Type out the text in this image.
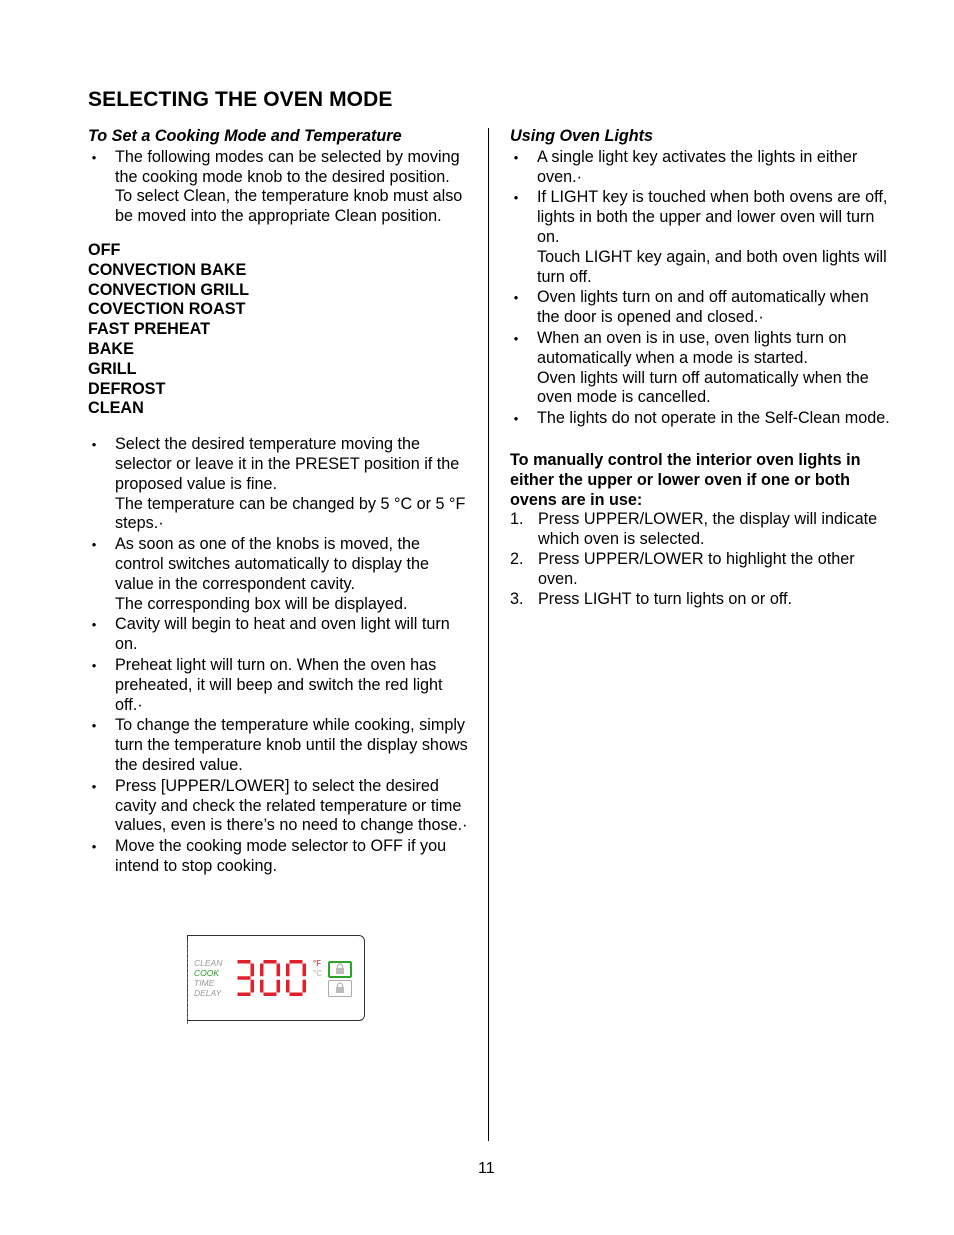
SELECTING THE OVEN MODE
To Set a Cooking Mode and Temperature
• The following modes can be selected by moving the cooking mode knob to the desired position. To select Clean, the temperature knob must also be moved into the appropriate Clean position.
OFF
CONVECTION BAKE
CONVECTION GRILL
COVECTION ROAST
FAST PREHEAT
BAKE
GRILL
DEFROST
CLEAN
• Select the desired temperature moving the selector or leave it in the PRESET position if the proposed value is fine.
The temperature can be changed by 5 °C or 5 °F steps.·
• As soon as one of the knobs is moved, the control switches automatically to display the value in the correspondent cavity.
The corresponding box will be displayed.
• Cavity will begin to heat and oven light will turn on.
• Preheat light will turn on. When the oven has preheated, it will beep and switch the red light off.·
• To change the temperature while cooking, simply turn the temperature knob until the display shows the desired value.
• Press [UPPER/LOWER] to select the desired cavity and check the related temperature or time values, even is there’s no need to change those.·
• Move the cooking mode selector to OFF if you intend to stop cooking.
Using Oven Lights
• A single light key activates the lights in either oven.·
• If LIGHT key is touched when both ovens are off, lights in both the upper and lower oven will turn on.
Touch LIGHT key again, and both oven lights will turn off.
• Oven lights turn on and off automatically when the door is opened and closed.·
• When an oven is in use, oven lights turn on automatically when a mode is started.
Oven lights will turn off automatically when the oven mode is cancelled.
• The lights do not operate in the Self-Clean mode.
To manually control the interior oven lights in either the upper or lower oven if one or both ovens are in use:
1. Press UPPER/LOWER, the display will indicate which oven is selected.
2. Press UPPER/LOWER to highlight the other oven.
3. Press LIGHT to turn lights on or off.
CLEAN
COOK
TIME
DELAY
°F
°C
11
